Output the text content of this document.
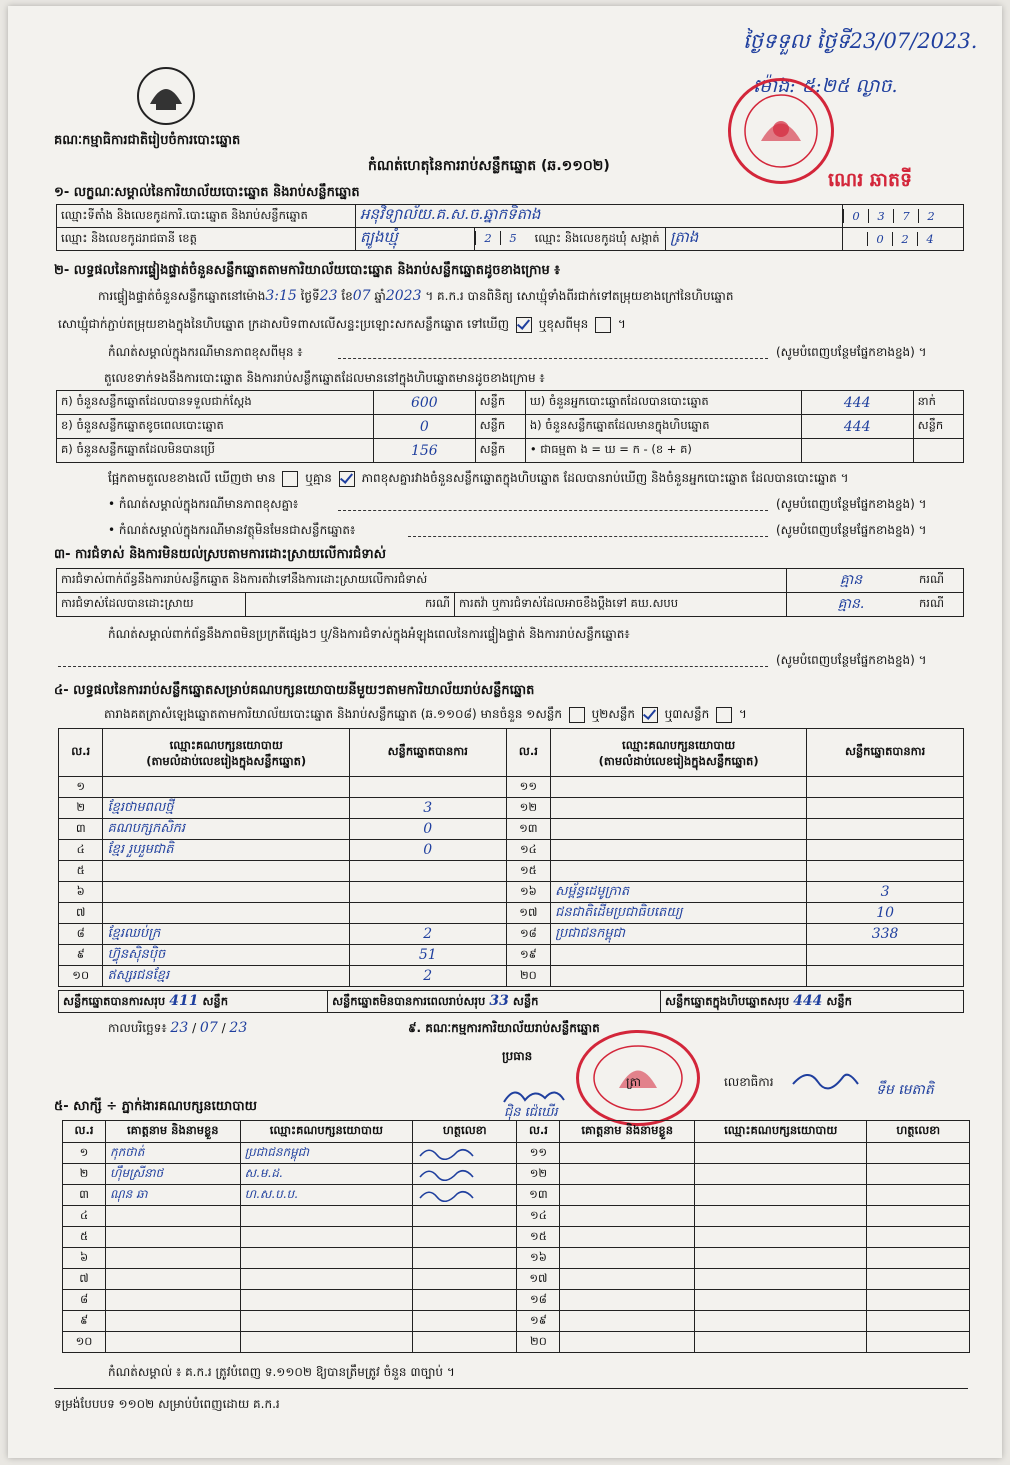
ថ្ងៃទទួល ថ្ងៃទី23/07/2023.
ម៉ោង: ៥:២៥ ល្ងាច.
ណេរ ឆាតទី
គណៈកម្មាធិការជាតិរៀបចំការបោះឆ្នោត
កំណត់ហេតុនៃការរាប់សន្លឹកឆ្នោត (ឆ.១១០២)
១- លក្ខណៈសម្គាល់នៃការិយាល័យបោះឆ្នោត និងរាប់សន្លឹកឆ្នោត
ឈ្មោះទីតាំង និងលេខកូដការិ.បោះឆ្នោត និងរាប់សន្លឹកឆ្នោត	អនុវិទ្យាល័យ.គ.ស.ច.ឆ្នាកទិតាង			0 3 7 2
ឈ្មោះ និងលេខកូដរាជធានី ខេត្ត	ត្បូងឃ្មុំ	2 5 ឈ្មោះ និងលេខកូដឃុំ សង្កាត់	ត្រាង	0 2 4
២- លទ្ធផលនៃការផ្ទៀងផ្ទាត់ចំនួនសន្លឹកឆ្នោតតាមការិយាល័យបោះឆ្នោត និងរាប់សន្លឹកឆ្នោតដូចខាងក្រោម ៖
ការផ្ទៀងផ្ទាត់ចំនួនសន្លឹកឆ្នោតនៅម៉ោង3:15 ថ្ងៃទី23 ខែ07 ឆ្នាំ2023 ។ គ.ក.រ បានពិនិត្យ សោឃ្មុំទាំងពីរជាក់ទៅតម្រុយខាងក្រៅនៃហិបឆ្នោត
សោឃ្មុំជាក់ភ្ជាប់តម្រុយខាងក្នុងនៃហិបឆ្នោត ក្រដាសបិទពាសលើសន្ទះប្រឡោះសកសន្លឹកឆ្នោត ទៅឃើញ ឬខុសពីមុន  ។
កំណត់សម្គាល់ក្នុងករណីមានភាពខុសពីមុន ៖	(សូមបំពេញបន្ថែមផ្នែកខាងខ្នង) ។
តួលេខទាក់ទងនឹងការបោះឆ្នោត និងការរាប់សន្លឹកឆ្នោតដែលមាននៅក្នុងហិបឆ្នោតមានដូចខាងក្រោម ៖
ក) ចំនួនសន្លឹកឆ្នោតដែលបានទទួលជាក់ស្តែង	600	សន្លឹក	ឃ) ចំនួនអ្នកបោះឆ្នោតដែលបានបោះឆ្នោត	444	នាក់
ខ) ចំនួនសន្លឹកឆ្នោតខូចពេលបោះឆ្នោត	0	សន្លឹក	ង) ចំនួនសន្លឹកឆ្នោតដែលមានក្នុងហិបឆ្នោត	444	សន្លឹក
គ) ចំនួនសន្លឹកឆ្នោតដែលមិនបានប្រើ	156	សន្លឹក	• ជាធម្មតា ង = ឃ = ក - (ខ + គ)		
ផ្អែកតាមតួលេខខាងលើ ឃើញថា មាន ឬគ្មាន ភាពខុសគ្នារវាងចំនួនសន្លឹកឆ្នោតក្នុងហិបឆ្នោត ដែលបានរាប់ឃើញ និងចំនួនអ្នកបោះឆ្នោត ដែលបានបោះឆ្នោត ។
• កំណត់សម្គាល់ក្នុងករណីមានភាពខុសគ្នា៖	(សូមបំពេញបន្ថែមផ្នែកខាងខ្នង) ។
• កំណត់សម្គាល់ក្នុងករណីមានវត្ថុមិនមែនជាសន្លឹកឆ្នោត៖	(សូមបំពេញបន្ថែមផ្នែកខាងខ្នង) ។
៣- ការជំទាស់ និងការមិនយល់ស្របតាមការដោះស្រាយលើការជំទាស់
ការជំទាស់ពាក់ព័ន្ធនឹងការរាប់សន្លឹកឆ្នោត និងការតវ៉ាទៅនឹងការដោះស្រាយលើការជំទាស់			គ្មាន	ករណី
ការជំទាស់ដែលបានដោះស្រាយ	ករណី	ការតវ៉ា ឬការជំទាស់ដែលអាចខឹងប្តឹងទៅ គឃ.សបប	គ្មាន.	ករណី
កំណត់សម្គាល់ពាក់ព័ន្ធនឹងភាពមិនប្រក្រតីផ្សេងៗ ឬ/និងការជំទាស់ក្នុងអំឡុងពេលនៃការផ្ទៀងផ្ទាត់ និងការរាប់សន្លឹកឆ្នោត៖
(សូមបំពេញបន្ថែមផ្នែកខាងខ្នង) ។
៤- លទ្ធផលនៃការរាប់សន្លឹកឆ្នោតសម្រាប់គណបក្សនយោបាយនីមួយៗតាមការិយាល័យរាប់សន្លឹកឆ្នោត
តារាងគតត្រាសំឡេងឆ្នោតតាមការិយាល័យបោះឆ្នោត និងរាប់សន្លឹកឆ្នោត (ឆ.១១០៨) មានចំនួន ១សន្លឹក ឬ២សន្លឹក ឬ៣សន្លឹក  ។
ល.រ	ឈ្មោះគណបក្សនយោបាយ
(តាមលំដាប់លេខរៀងក្នុងសន្លឹកឆ្នោត)	សន្លឹកឆ្នោតបានការ	ល.រ	ឈ្មោះគណបក្សនយោបាយ
(តាមលំដាប់លេខរៀងក្នុងសន្លឹកឆ្នោត)	សន្លឹកឆ្នោតបានការ
១			១១		
២	ខ្មែរថាមពលថ្មី	3	១២		
៣	គណបក្សកសិករ	0	១៣		
៤	ខ្មែរ រួបរួមជាតិ	0	១៤		
៥			១៥		
៦			១៦	សម្ព័ន្ធដេមូក្រាត	3
៧			១៧	ជនជាតិដើមប្រជាធិបតេយ្យ	10
៨	ខ្មែរឈប់ក្រ	2	១៨	ប្រជាជនកម្ពុជា	338
៩	ហ៊្វុនស៊ិនប៉ិច	51	១៩		
១០	ឥស្សរជនខ្មែរ	2	២០		
សន្លឹកឆ្នោតបានការសរុប 411 សន្លឹក	សន្លឹកឆ្នោតមិនបានការពេលរាប់សរុប 33 សន្លឹក	សន្លឹកឆ្នោតក្នុងហិបឆ្នោតសរុប 444 សន្លឹក
កាលបរិច្ឆេទ៖ 23 / 07 / 23	៩. គណៈកម្មការការិយាល័យរាប់សន្លឹកឆ្នោត
ប្រធាន
ត្រា	លេខាធិការ	ទឹម មេតាតិ
ជ៉ិន ជ៉េឃើរ
៥- សាក្សី ÷ ភ្នាក់ងារគណបក្សនយោបាយ
ល.រ	គោត្តនាម និងនាមខ្លួន	ឈ្មោះគណបក្សនយោបាយ	ហត្ថលេខា	ល.រ	គោត្តនាម និងនាមខ្លួន	ឈ្មោះគណបក្សនយោបាយ	ហត្ថលេខា
១	កុកថាត់	ប្រជាជនកម្ពុជា		១១			
២	ហ៊ឹមស្រីនាថ	ស.ម.ដ.		១២			
៣	ណុន ឆា	ហ.ស.ប.ប.		១៣			
៤				១៤			
៥				១៥			
៦				១៦			
៧				១៧			
៨				១៨			
៩				១៩			
១០				២០			
កំណត់សម្គាល់ ៖ គ.ក.រ ត្រូវបំពេញ ទ.១១០២ ឱ្យបានត្រឹមត្រូវ ចំនួន ៣ច្បាប់ ។
ទម្រង់បែបបទ ១១០២ សម្រាប់បំពេញដោយ គ.ក.រ
